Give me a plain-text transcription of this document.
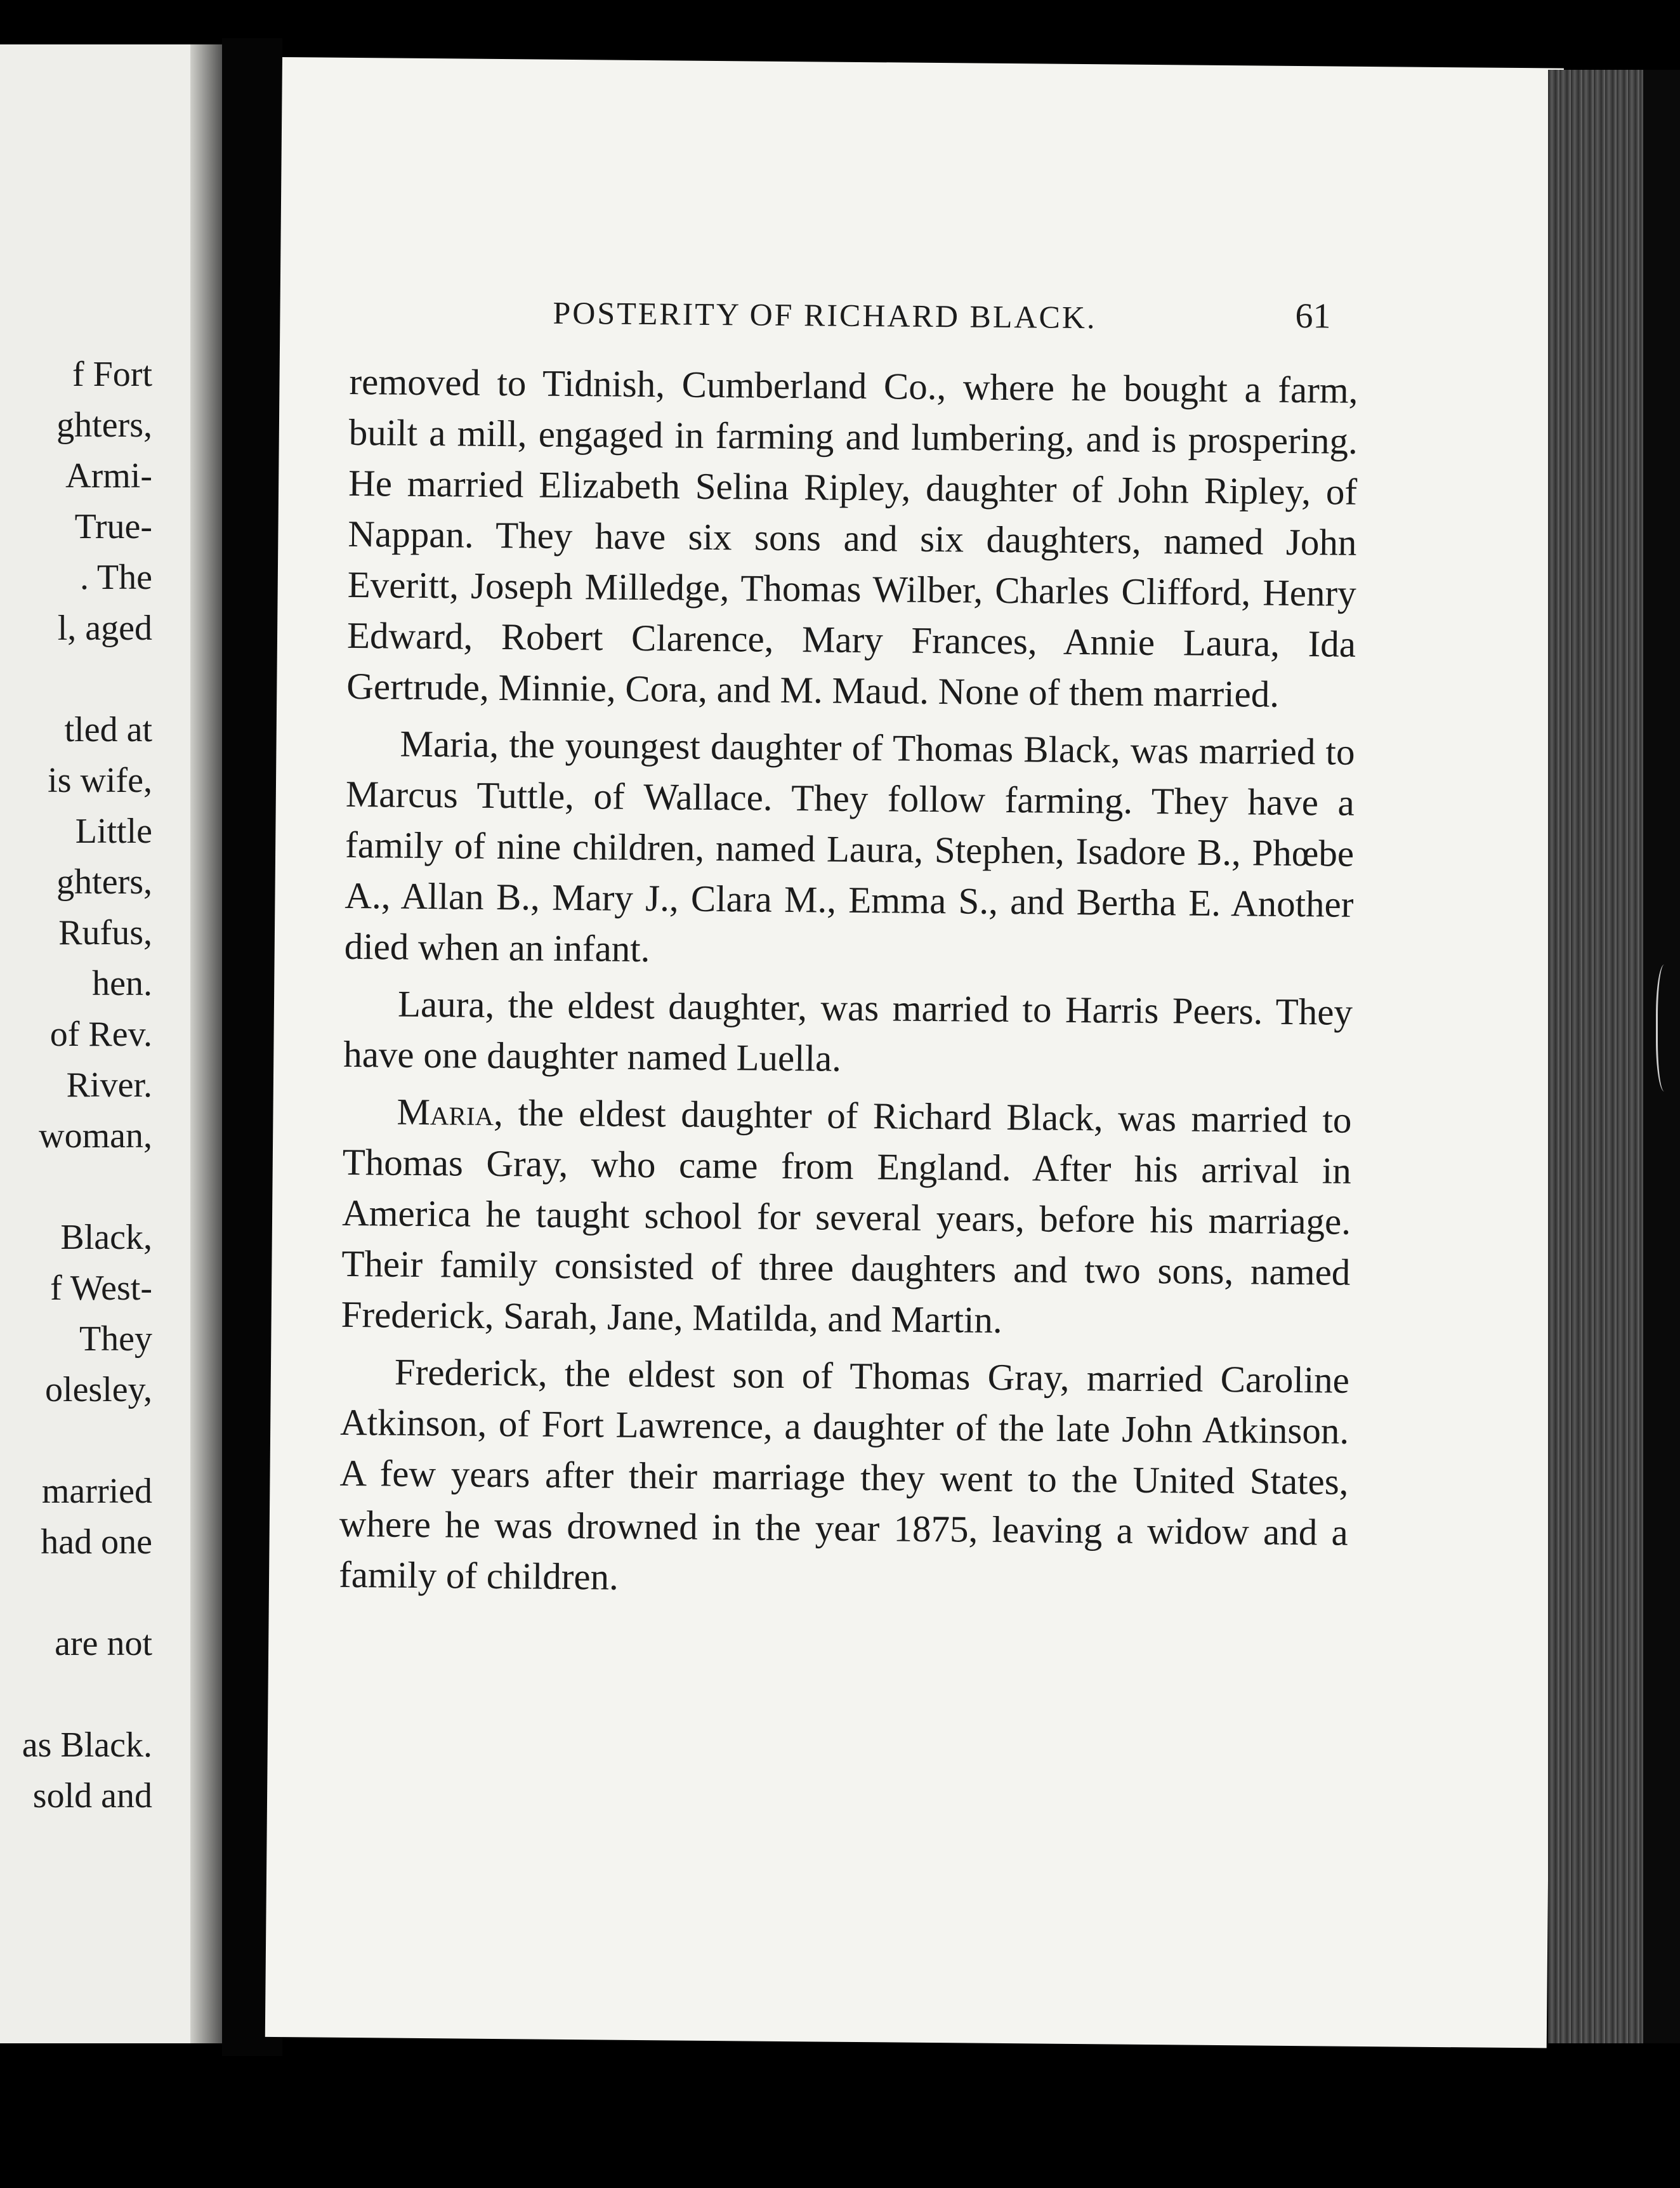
f Fort
ghters,
Armi-
True-
. The
l, aged
tled at
is wife,
Little
ghters,
Rufus,
hen.
of Rev.
River.
woman,
Black,
f West-
They
olesley,
married
had one
are not
as Black.
sold and
POSTERITY OF RICHARD BLACK.	61

removed to Tidnish, Cumberland Co., where he bought a farm, built a mill, engaged in farming and lumbering, and is prospering. He married Elizabeth Selina Ripley, daughter of John Ripley, of Nappan. They have six sons and six daughters, named John Everitt, Joseph Milledge, Thomas Wilber, Charles Clifford, Henry Edward, Robert Clarence, Mary Frances, Annie Laura, Ida Gertrude, Minnie, Cora, and M. Maud. None of them married.

Maria, the youngest daughter of Thomas Black, was married to Marcus Tuttle, of Wallace. They follow farming. They have a family of nine children, named Laura, Stephen, Isadore B., Phœbe A., Allan B., Mary J., Clara M., Emma S., and Bertha E. Another died when an infant.

Laura, the eldest daughter, was married to Harris Peers. They have one daughter named Luella.

Maria, the eldest daughter of Richard Black, was married to Thomas Gray, who came from England. After his arrival in America he taught school for several years, before his marriage. Their family consisted of three daughters and two sons, named Frederick, Sarah, Jane, Matilda, and Martin.

Frederick, the eldest son of Thomas Gray, married Caroline Atkinson, of Fort Lawrence, a daughter of the late John Atkinson. A few years after their marriage they went to the United States, where he was drowned in the year 1875, leaving a widow and a family of children.
